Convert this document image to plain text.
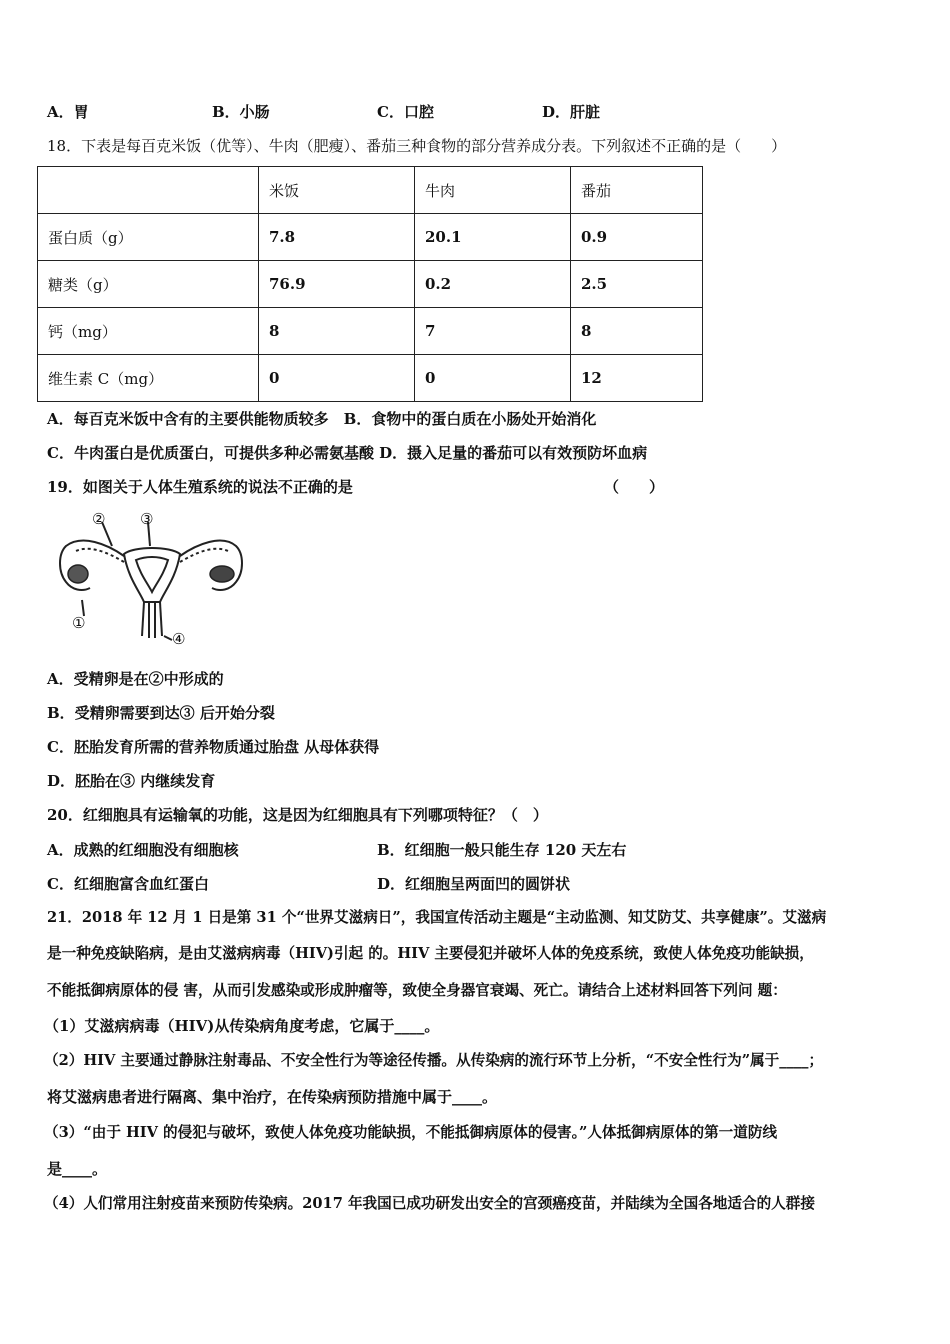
A．胃	B．小肠	C．口腔	D．肝脏
18．下表是每百克米饭（优等）、牛肉（肥瘦）、番茄三种食物的部分营养成分表。下列叙述不正确的是（　　）
	米饭	牛肉	番茄
蛋白质（g）	7.8	20.1	0.9
糖类（g）	76.9	0.2	2.5
钙（mg）	8	7	8
维生素 C（mg）	0	0	12
A．每百克米饭中含有的主要供能物质较多　B．食物中的蛋白质在小肠处开始消化
C．牛肉蛋白是优质蛋白，可提供多种必需氨基酸 D．摄入足量的番茄可以有效预防坏血病
19．如图关于人体生殖系统的说法不正确的是	（　　）
② ③
①
④
A．受精卵是在②中形成的
B．受精卵需要到达③ 后开始分裂
C．胚胎发育所需的营养物质通过胎盘 从母体获得
D．胚胎在③ 内继续发育
20．红细胞具有运输氧的功能，这是因为红细胞具有下列哪项特征？（　）
A．成熟的红细胞没有细胞核	B．红细胞一般只能生存 120 天左右
C．红细胞富含血红蛋白	D．红细胞呈两面凹的圆饼状
21．2018 年 12 月 1 日是第 31 个“世界艾滋病日”，我国宣传活动主题是“主动监测、知艾防艾、共享健康”。艾滋病
是一种免疫缺陷病，是由艾滋病病毒（HIV)引起 的。HIV 主要侵犯并破坏人体的免疫系统，致使人体免疫功能缺损，
不能抵御病原体的侵 害，从而引发感染或形成肿瘤等，致使全身器官衰竭、死亡。请结合上述材料回答下列问 题：
（1）艾滋病病毒（HIV)从传染病角度考虑，它属于____。
（2）HIV 主要通过静脉注射毒品、不安全性行为等途径传播。从传染病的流行环节上分析，“不安全性行为”属于____；
将艾滋病患者进行隔离、集中治疗，在传染病预防措施中属于____。
（3）“由于 HIV 的侵犯与破坏，致使人体免疫功能缺损，不能抵御病原体的侵害。”人体抵御病原体的第一道防线
是____。
（4）人们常用注射疫苗来预防传染病。2017 年我国已成功研发出安全的宫颈癌疫苗，并陆续为全国各地适合的人群接
